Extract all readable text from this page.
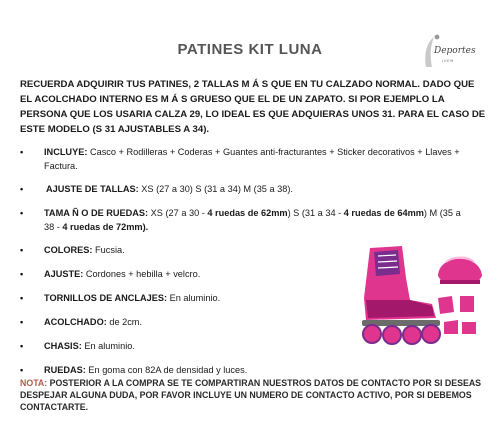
PATINES KIT LUNA	Deportes
JUEM
RECUERDA ADQUIRIR TUS PATINES, 2 TALLAS M Á S QUE EN TU CALZADO NORMAL. DADO QUE EL ACOLCHADO INTERNO ES M Á S GRUESO QUE EL DE UN ZAPATO. SI POR EJEMPLO LA PERSONA QUE LOS USARIA CALZA 29, LO IDEAL ES QUE ADQUIERAS UNOS 31. PARA EL CASO DE ESTE MODELO (S 31 AJUSTABLES A 34).
• INCLUYE: Casco + Rodilleras + Coderas + Guantes anti-fracturantes + Sticker decorativos + Llaves + Factura.
• AJUSTE DE TALLAS: XS (27 a 30) S (31 a 34) M (35 a 38).
• TAMA Ñ O DE RUEDAS: XS (27 a 30 - 4 ruedas de 62mm) S (31 a 34 - 4 ruedas de 64mm) M (35 a 38 - 4 ruedas de 72mm).
• COLORES: Fucsia.
• AJUSTE: Cordones + hebilla + velcro.
• TORNILLOS DE ANCLAJES: En aluminio.
• ACOLCHADO: de 2cm.
• CHASIS: En aluminio.
• RUEDAS: En goma con 82A de densidad y luces.
NOTA: POSTERIOR A LA COMPRA SE TE COMPARTIRAN NUESTROS DATOS DE CONTACTO POR SI DESEAS DESPEJAR ALGUNA DUDA, POR FAVOR INCLUYE UN NUMERO DE CONTACTO ACTIVO, POR SI DEBEMOS CONTACTARTE.
